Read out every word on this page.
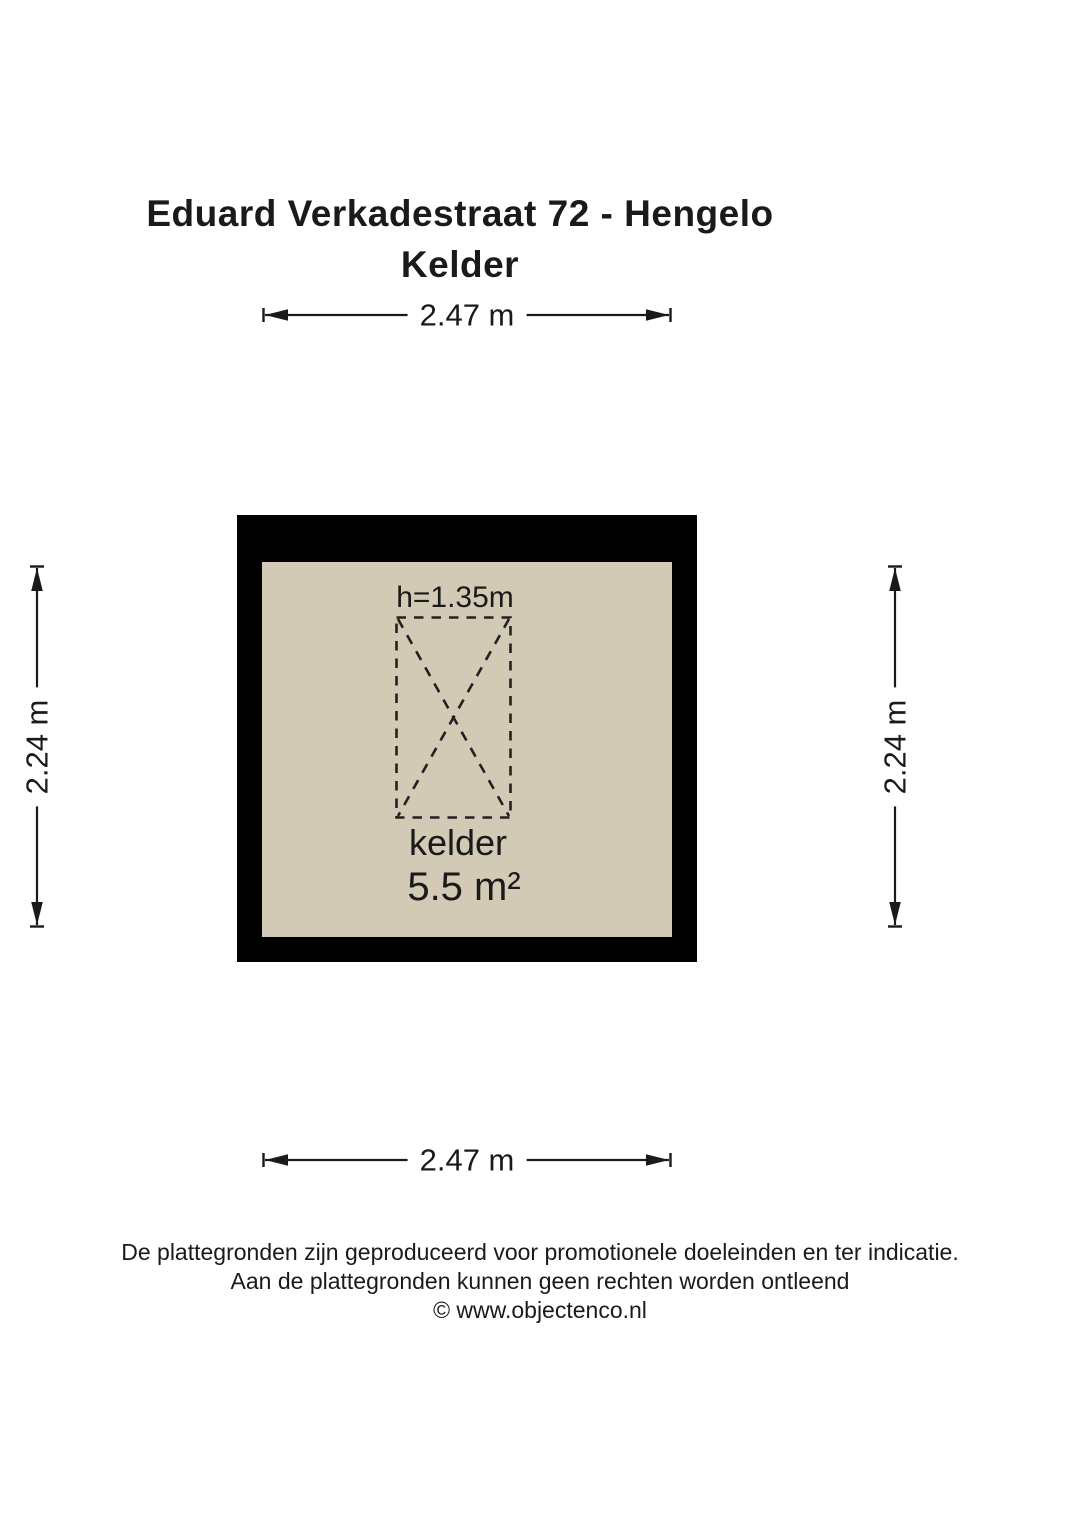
Eduard Verkadestraat 72 - Hengelo
Kelder
2.47 m
h=1.35m
kelder
5.5 m²
2.24 m	2.24 m
2.47 m
De plattegronden zijn geproduceerd voor promotionele doeleinden en ter indicatie.
Aan de plattegronden kunnen geen rechten worden ontleend
© www.objectenco.nl
